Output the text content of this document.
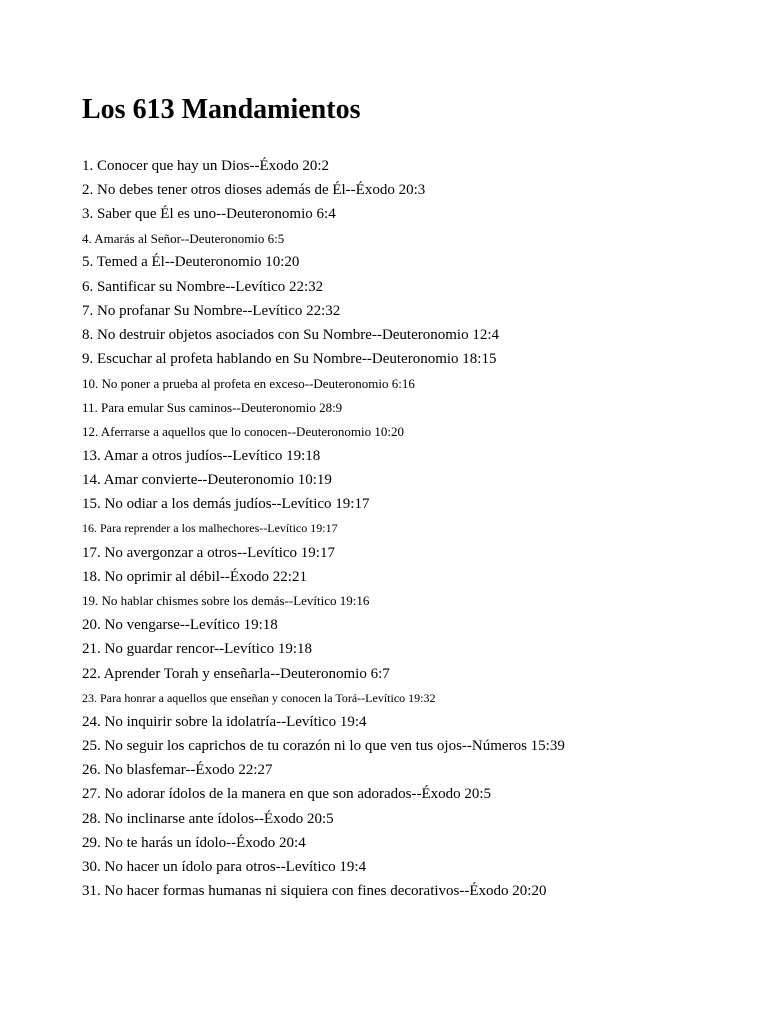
Los 613 Mandamientos
1. Conocer que hay un Dios--Éxodo 20:2
2. No debes tener otros dioses además de Él--Éxodo 20:3
3. Saber que Él es uno--Deuteronomio 6:4
4. Amarás al Señor--Deuteronomio 6:5
5. Temed a Él--Deuteronomio 10:20
6. Santificar su Nombre--Levítico 22:32
7. No profanar Su Nombre--Levítico 22:32
8. No destruir objetos asociados con Su Nombre--Deuteronomio 12:4
9. Escuchar al profeta hablando en Su Nombre--Deuteronomio 18:15
10. No poner a prueba al profeta en exceso--Deuteronomio 6:16
11. Para emular Sus caminos--Deuteronomio 28:9
12. Aferrarse a aquellos que lo conocen--Deuteronomio 10:20
13. Amar a otros judíos--Levítico 19:18
14. Amar convierte--Deuteronomio 10:19
15. No odiar a los demás judíos--Levítico 19:17
16. Para reprender a los malhechores--Levítico 19:17
17. No avergonzar a otros--Levítico 19:17
18. No oprimir al débil--Éxodo 22:21
19. No hablar chismes sobre los demás--Levítico 19:16
20. No vengarse--Levítico 19:18
21. No guardar rencor--Levítico 19:18
22. Aprender Torah y enseñarla--Deuteronomio 6:7
23. Para honrar a aquellos que enseñan y conocen la Torá--Levítico 19:32
24. No inquirir sobre la idolatría--Levítico 19:4
25. No seguir los caprichos de tu corazón ni lo que ven tus ojos--Números 15:39
26. No blasfemar--Éxodo 22:27
27. No adorar ídolos de la manera en que son adorados--Éxodo 20:5
28. No inclinarse ante ídolos--Éxodo 20:5
29. No te harás un ídolo--Éxodo 20:4
30. No hacer un ídolo para otros--Levítico 19:4
31. No hacer formas humanas ni siquiera con fines decorativos--Éxodo 20:20
